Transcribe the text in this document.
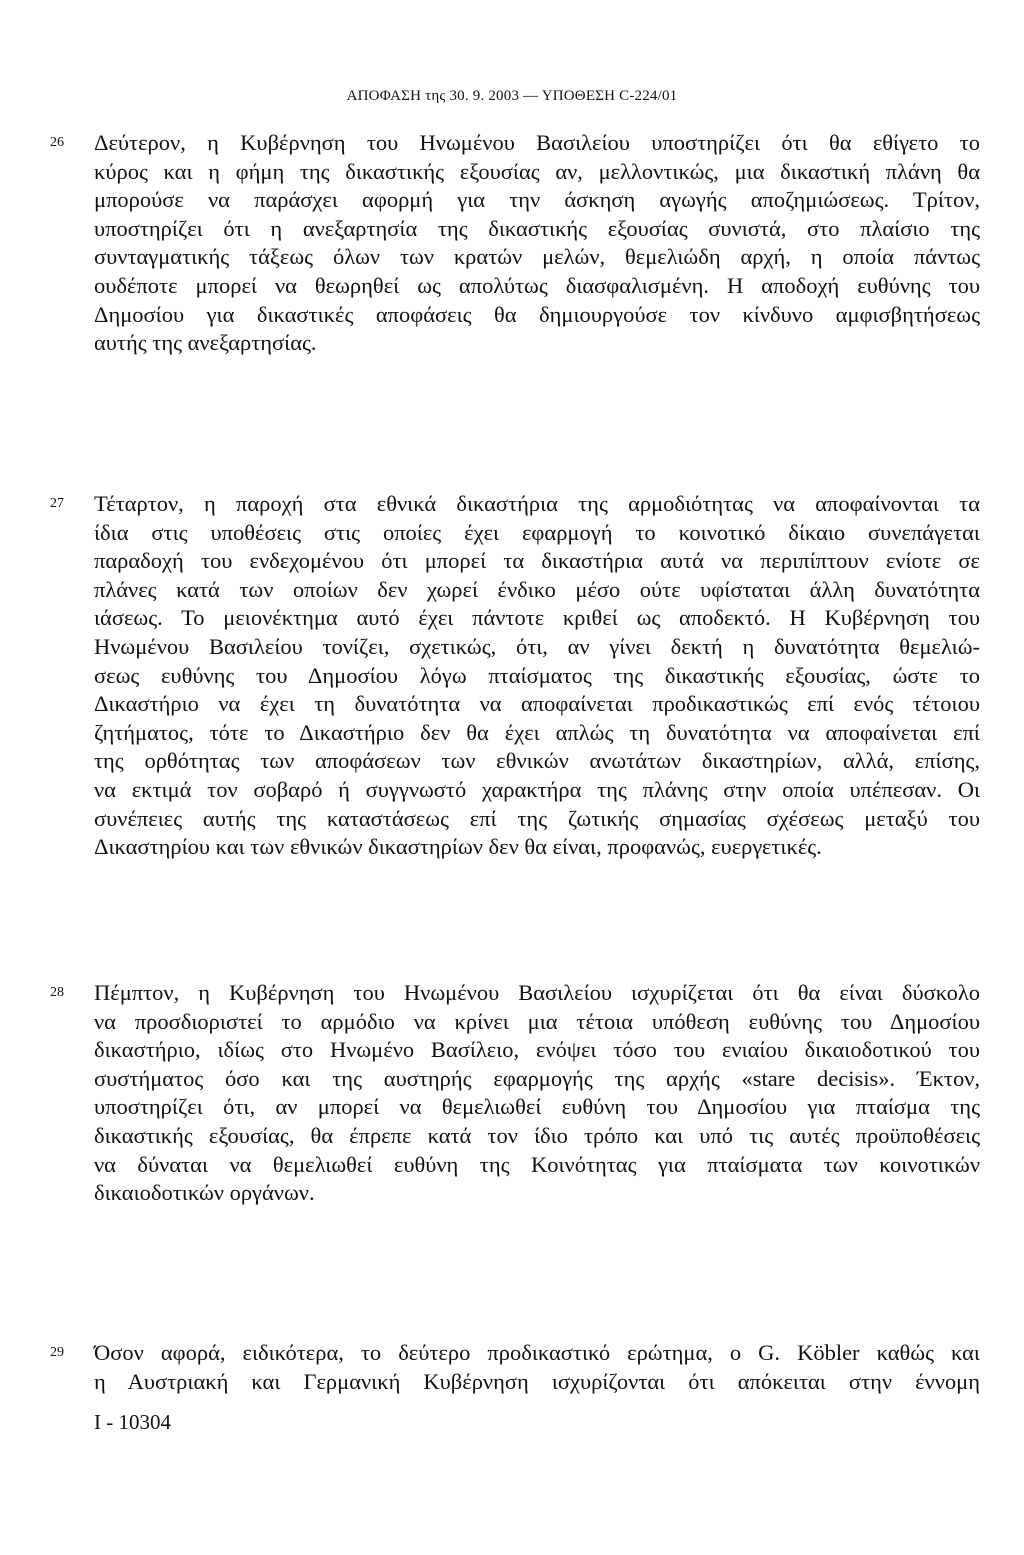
ΑΠΟΦΑΣΗ της 30. 9. 2003 — ΥΠΟΘΕΣΗ C-224/01
26 Δεύτερον, η Κυβέρνηση του Ηνωμένου Βασιλείου υποστηρίζει ότι θα εθίγετο το
κύρος και η φήμη της δικαστικής εξουσίας αν, μελλοντικώς, μια δικαστική πλάνη θα
μπορούσε να παράσχει αφορμή για την άσκηση αγωγής αποζημιώσεως. Τρίτον,
υποστηρίζει ότι η ανεξαρτησία της δικαστικής εξουσίας συνιστά, στο πλαίσιο της
συνταγματικής τάξεως όλων των κρατών μελών, θεμελιώδη αρχή, η οποία πάντως
ουδέποτε μπορεί να θεωρηθεί ως απολύτως διασφαλισμένη. Η αποδοχή ευθύνης του
Δημοσίου για δικαστικές αποφάσεις θα δημιουργούσε τον κίνδυνο αμφισβητήσεως
αυτής της ανεξαρτησίας.
27 Τέταρτον, η παροχή στα εθνικά δικαστήρια της αρμοδιότητας να αποφαίνονται τα
ίδια στις υποθέσεις στις οποίες έχει εφαρμογή το κοινοτικό δίκαιο συνεπάγεται
παραδοχή του ενδεχομένου ότι μπορεί τα δικαστήρια αυτά να περιπίπτουν ενίοτε σε
πλάνες κατά των οποίων δεν χωρεί ένδικο μέσο ούτε υφίσταται άλλη δυνατότητα
ιάσεως. Το μειονέκτημα αυτό έχει πάντοτε κριθεί ως αποδεκτό. Η Κυβέρνηση του
Ηνωμένου Βασιλείου τονίζει, σχετικώς, ότι, αν γίνει δεκτή η δυνατότητα θεμελιώ-
σεως ευθύνης του Δημοσίου λόγω πταίσματος της δικαστικής εξουσίας, ώστε το
Δικαστήριο να έχει τη δυνατότητα να αποφαίνεται προδικαστικώς επί ενός τέτοιου
ζητήματος, τότε το Δικαστήριο δεν θα έχει απλώς τη δυνατότητα να αποφαίνεται επί
της ορθότητας των αποφάσεων των εθνικών ανωτάτων δικαστηρίων, αλλά, επίσης,
να εκτιμά τον σοβαρό ή συγγνωστό χαρακτήρα της πλάνης στην οποία υπέπεσαν. Οι
συνέπειες αυτής της καταστάσεως επί της ζωτικής σημασίας σχέσεως μεταξύ του
Δικαστηρίου και των εθνικών δικαστηρίων δεν θα είναι, προφανώς, ευεργετικές.
28 Πέμπτον, η Κυβέρνηση του Ηνωμένου Βασιλείου ισχυρίζεται ότι θα είναι δύσκολο
να προσδιοριστεί το αρμόδιο να κρίνει μια τέτοια υπόθεση ευθύνης του Δημοσίου
δικαστήριο, ιδίως στο Ηνωμένο Βασίλειο, ενόψει τόσο του ενιαίου δικαιοδοτικού του
συστήματος όσο και της αυστηρής εφαρμογής της αρχής «stare decisis». Έκτον,
υποστηρίζει ότι, αν μπορεί να θεμελιωθεί ευθύνη του Δημοσίου για πταίσμα της
δικαστικής εξουσίας, θα έπρεπε κατά τον ίδιο τρόπο και υπό τις αυτές προϋποθέσεις
να δύναται να θεμελιωθεί ευθύνη της Κοινότητας για πταίσματα των κοινοτικών
δικαιοδοτικών οργάνων.
29 Όσον αφορά, ειδικότερα, το δεύτερο προδικαστικό ερώτημα, ο G. Köbler καθώς και
η Αυστριακή και Γερμανική Κυβέρνηση ισχυρίζονται ότι απόκειται στην έννομη
I - 10304
